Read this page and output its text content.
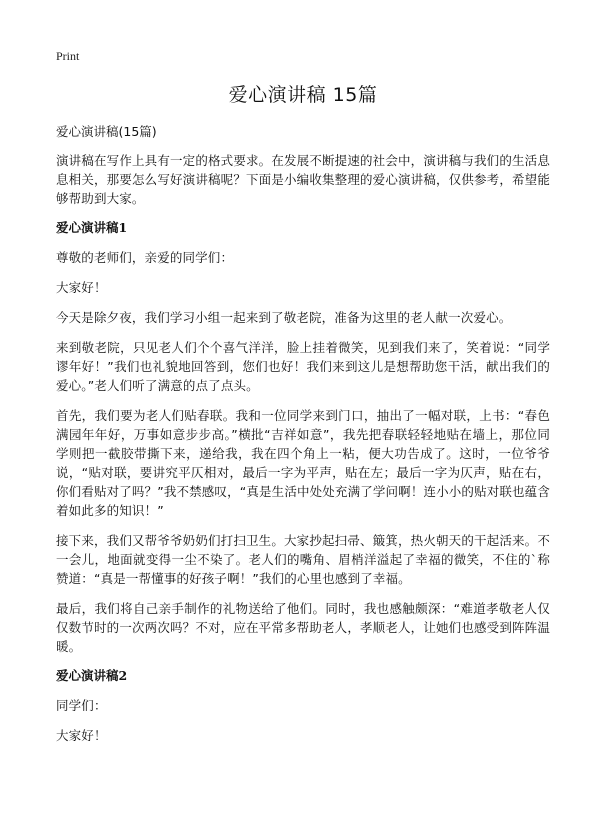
Print
爱心演讲稿 15篇
爱心演讲稿(15篇)

演讲稿在写作上具有一定的格式要求。在发展不断提速的社会中，演讲稿与我们的生活息息相关，那要怎么写好演讲稿呢？下面是小编收集整理的爱心演讲稿，仅供参考，希望能够帮助到大家。

爱心演讲稿1

尊敬的老师们，亲爱的同学们：

大家好！

今天是除夕夜，我们学习小组一起来到了敬老院，准备为这里的老人献一次爱心。

来到敬老院，只见老人们个个喜气洋洋，脸上挂着微笑，见到我们来了，笑着说：“同学谬年好！”我们也礼貌地回答到，您们也好！我们来到这儿是想帮助您干活，献出我们的爱心。”老人们听了满意的点了点头。

首先，我们要为老人们贴春联。我和一位同学来到门口，抽出了一幅对联，上书：“春色满园年年好，万事如意步步高。”横批“吉祥如意”，我先把春联轻轻地贴在墙上，那位同学则把一截胶带撕下来，递给我，我在四个角上一粘，便大功告成了。这时，一位爷爷说，“贴对联，要讲究平仄相对，最后一字为平声，贴在左；最后一字为仄声，贴在右，你们看贴对了吗？”我不禁感叹，“真是生活中处处充满了学问啊！连小小的贴对联也蕴含着如此多的知识！”

接下来，我们又帮爷爷奶奶们打扫卫生。大家抄起扫帚、簸箕，热火朝天的干起活来。不一会儿，地面就变得一尘不染了。老人们的嘴角、眉梢洋溢起了幸福的微笑，不住的`称赞道：“真是一帮懂事的好孩子啊！”我们的心里也感到了幸福。

最后，我们将自己亲手制作的礼物送给了他们。同时，我也感触颇深：“难道孝敬老人仅仅数节时的一次两次吗？不对，应在平常多帮助老人，孝顺老人，让她们也感受到阵阵温暖。

爱心演讲稿2

同学们：

大家好！
